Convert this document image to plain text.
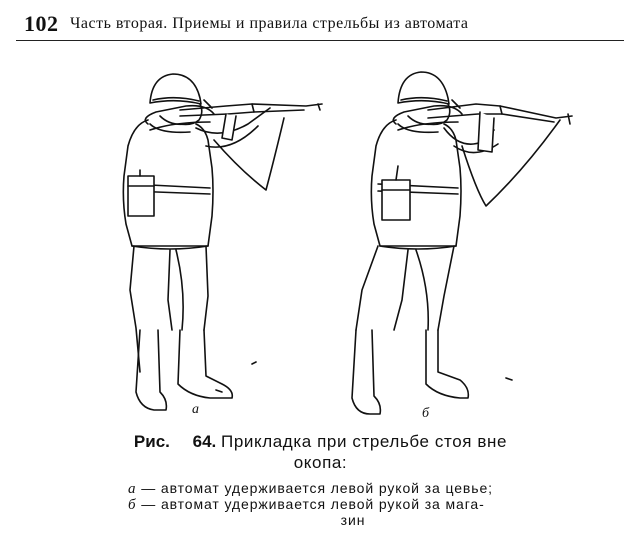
102 Часть вторая. Приемы и правила стрельбы из автомата
а	б
Рис. 64. Прикладка при стрельбе стоя вне
окопа:
а — автомат удерживается левой рукой за цевье;
б — автомат удерживается левой рукой за мага-
зин
